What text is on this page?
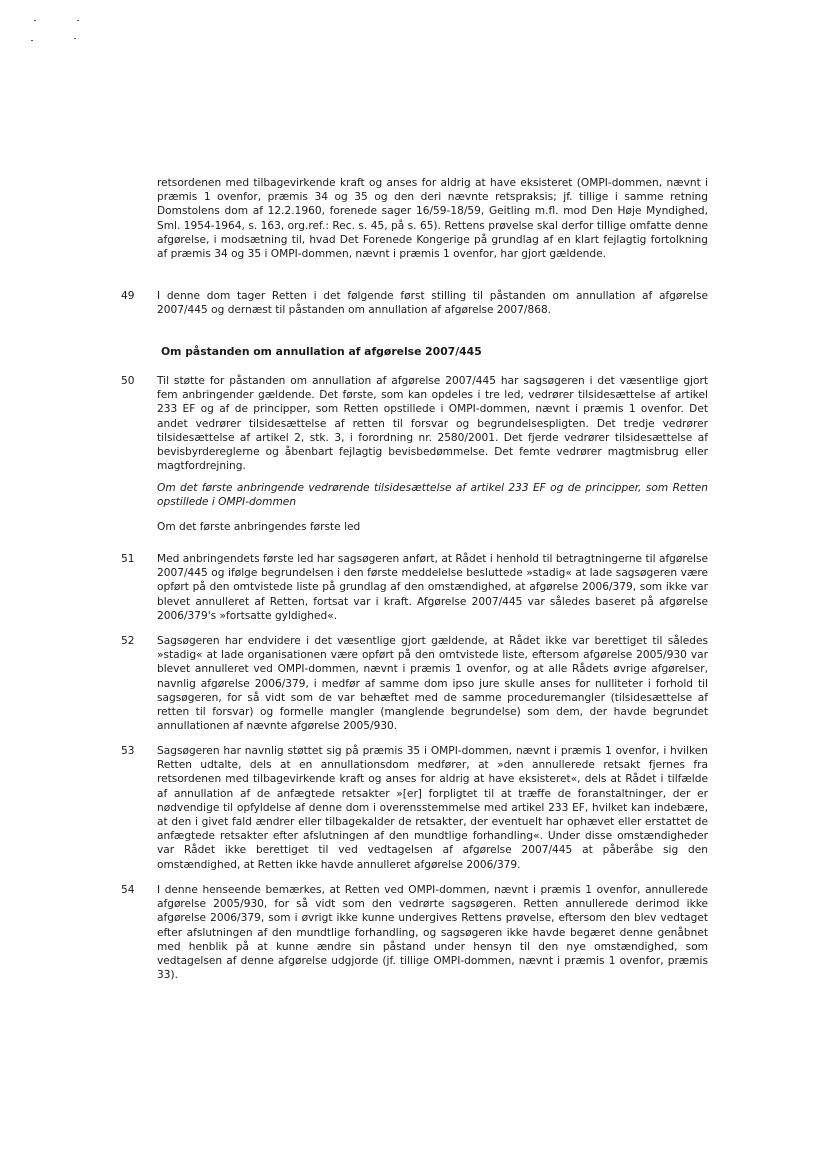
retsordenen med tilbagevirkende kraft og anses for aldrig at have eksisteret (OMPI-dommen, nævnt i præmis 1 ovenfor, præmis 34 og 35 og den deri nævnte retspraksis; jf. tillige i samme retning Domstolens dom af 12.2.1960, forenede sager 16/59-18/59, Geitling m.fl. mod Den Høje Myndighed, Sml. 1954-1964, s. 163, org.ref.: Rec. s. 45, på s. 65). Rettens prøvelse skal derfor tillige omfatte denne afgørelse, i modsætning til, hvad Det Forenede Kongerige på grundlag af en klart fejlagtig fortolkning af præmis 34 og 35 i OMPI-dommen, nævnt i præmis 1 ovenfor, har gjort gældende.

49 I denne dom tager Retten i det følgende først stilling til påstanden om annullation af afgørelse 2007/445 og dernæst til påstanden om annullation af afgørelse 2007/868.

Om påstanden om annullation af afgørelse 2007/445

50 Til støtte for påstanden om annullation af afgørelse 2007/445 har sagsøgeren i det væsentlige gjort fem anbringender gældende. Det første, som kan opdeles i tre led, vedrører tilsidesættelse af artikel 233 EF og af de principper, som Retten opstillede i OMPI-dommen, nævnt i præmis 1 ovenfor. Det andet vedrører tilsidesættelse af retten til forsvar og begrundelsespligten. Det tredje vedrører tilsidesættelse af artikel 2, stk. 3, i forordning nr. 2580/2001. Det fjerde vedrører tilsidesættelse af bevisbyrdereglerne og åbenbart fejlagtig bevisbedømmelse. Det femte vedrører magtmisbrug eller magtfordrejning.

Om det første anbringende vedrørende tilsidesættelse af artikel 233 EF og de principper, som Retten opstillede i OMPI-dommen

Om det første anbringendes første led

51 Med anbringendets første led har sagsøgeren anført, at Rådet i henhold til betragtningerne til afgørelse 2007/445 og ifølge begrundelsen i den første meddelelse besluttede »stadig« at lade sagsøgeren være opført på den omtvistede liste på grundlag af den omstændighed, at afgørelse 2006/379, som ikke var blevet annulleret af Retten, fortsat var i kraft. Afgørelse 2007/445 var således baseret på afgørelse 2006/379's »fortsatte gyldighed«.

52 Sagsøgeren har endvidere i det væsentlige gjort gældende, at Rådet ikke var berettiget til således »stadig« at lade organisationen være opført på den omtvistede liste, eftersom afgørelse 2005/930 var blevet annulleret ved OMPI-dommen, nævnt i præmis 1 ovenfor, og at alle Rådets øvrige afgørelser, navnlig afgørelse 2006/379, i medfør af samme dom ipso jure skulle anses for nulliteter i forhold til sagsøgeren, for så vidt som de var behæftet med de samme proceduremangler (tilsidesættelse af retten til forsvar) og formelle mangler (manglende begrundelse) som dem, der havde begrundet annullationen af nævnte afgørelse 2005/930.

53 Sagsøgeren har navnlig støttet sig på præmis 35 i OMPI-dommen, nævnt i præmis 1 ovenfor, i hvilken Retten udtalte, dels at en annullationsdom medfører, at »den annullerede retsakt fjernes fra retsordenen med tilbagevirkende kraft og anses for aldrig at have eksisteret«, dels at Rådet i tilfælde af annullation af de anfægtede retsakter »[er] forpligtet til at træffe de foranstaltninger, der er nødvendige til opfyldelse af denne dom i overensstemmelse med artikel 233 EF, hvilket kan indebære, at den i givet fald ændrer eller tilbagekalder de retsakter, der eventuelt har ophævet eller erstattet de anfægtede retsakter efter afslutningen af den mundtlige forhandling«. Under disse omstændigheder var Rådet ikke berettiget til ved vedtagelsen af afgørelse 2007/445 at påberåbe sig den omstændighed, at Retten ikke havde annulleret afgørelse 2006/379.

54 I denne henseende bemærkes, at Retten ved OMPI-dommen, nævnt i præmis 1 ovenfor, annullerede afgørelse 2005/930, for så vidt som den vedrørte sagsøgeren. Retten annullerede derimod ikke afgørelse 2006/379, som i øvrigt ikke kunne undergives Rettens prøvelse, eftersom den blev vedtaget efter afslutningen af den mundtlige forhandling, og sagsøgeren ikke havde begæret denne genåbnet med henblik på at kunne ændre sin påstand under hensyn til den nye omstændighed, som vedtagelsen af denne afgørelse udgjorde (jf. tillige OMPI-dommen, nævnt i præmis 1 ovenfor, præmis 33).
